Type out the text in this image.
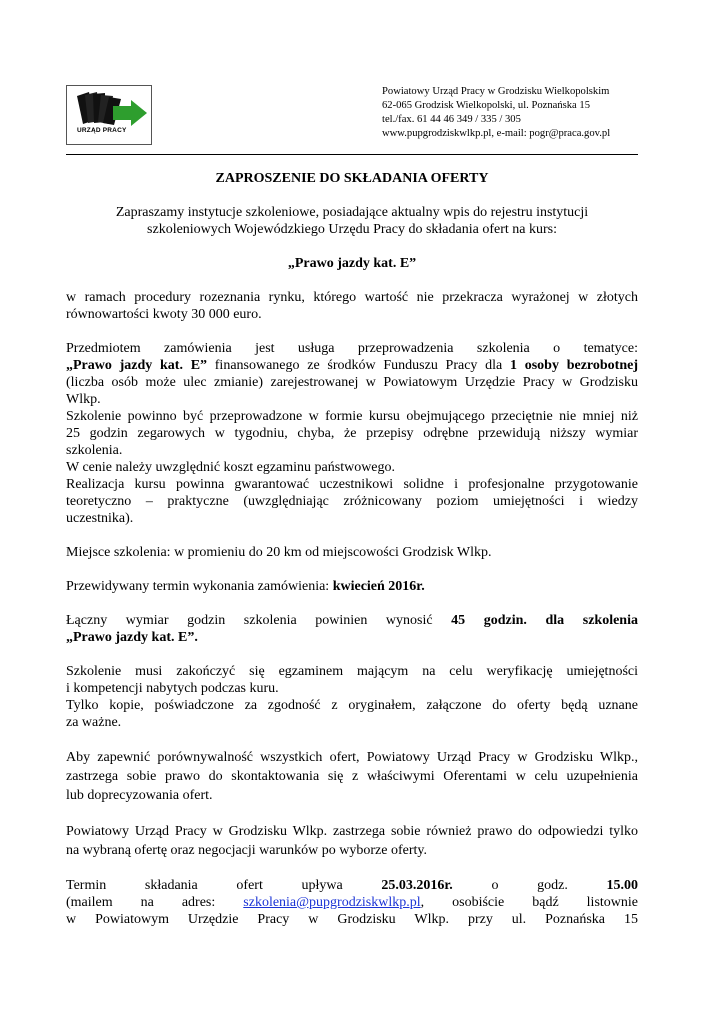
URZĄD PRACY
Powiatowy Urząd Pracy w Grodzisku Wielkopolskim
62-065 Grodzisk Wielkopolski, ul. Poznańska 15
tel./fax. 61 44 46 349 / 335 / 305
www.pupgrodziskwlkp.pl, e-mail: pogr@praca.gov.pl
ZAPROSZENIE DO SKŁADANIA OFERTY
Zapraszamy instytucje szkoleniowe, posiadające aktualny wpis do rejestru instytucji
szkoleniowych Wojewódzkiego Urzędu Pracy do składania ofert na kurs:
„Prawo jazdy kat. E”
w ramach procedury rozeznania rynku, którego wartość nie przekracza wyrażonej w złotych
równowartości kwoty 30 000 euro.
Przedmiotem zamówienia jest usługa przeprowadzenia szkolenia o tematyce:
„Prawo jazdy kat. E” finansowanego ze środków Funduszu Pracy dla 1 osoby bezrobotnej
(liczba osób może ulec zmianie) zarejestrowanej w Powiatowym Urzędzie Pracy w Grodzisku
Wlkp.
Szkolenie powinno być przeprowadzone w formie kursu obejmującego przeciętnie nie mniej niż
25 godzin zegarowych w tygodniu, chyba, że przepisy odrębne przewidują niższy wymiar
szkolenia.
W cenie należy uwzględnić koszt egzaminu państwowego.
Realizacja kursu powinna gwarantować uczestnikowi solidne i profesjonalne przygotowanie
teoretyczno – praktyczne (uwzględniając zróżnicowany poziom umiejętności i wiedzy
uczestnika).
Miejsce szkolenia: w promieniu do 20 km od miejscowości Grodzisk Wlkp.
Przewidywany termin wykonania zamówienia: kwiecień 2016r.
Łączny wymiar godzin szkolenia powinien wynosić 45 godzin. dla szkolenia
„Prawo jazdy kat. E”.
Szkolenie musi zakończyć się egzaminem mającym na celu weryfikację umiejętności
i kompetencji nabytych podczas kuru.
Tylko kopie, poświadczone za zgodność z oryginałem, załączone do oferty będą uznane
za ważne.
Aby zapewnić porównywalność wszystkich ofert, Powiatowy Urząd Pracy w Grodzisku Wlkp.,
zastrzega sobie prawo do skontaktowania się z właściwymi Oferentami w celu uzupełnienia
lub doprecyzowania ofert.
Powiatowy Urząd Pracy w Grodzisku Wlkp. zastrzega sobie również prawo do odpowiedzi tylko
na wybraną ofertę oraz negocjacji warunków po wyborze oferty.
Termin składania ofert upływa 25.03.2016r. o godz. 15.00
(mailem na adres: szkolenia@pupgrodziskwlkp.pl, osobiście bądź listownie
w Powiatowym Urzędzie Pracy w Grodzisku Wlkp. przy ul. Poznańska 15
